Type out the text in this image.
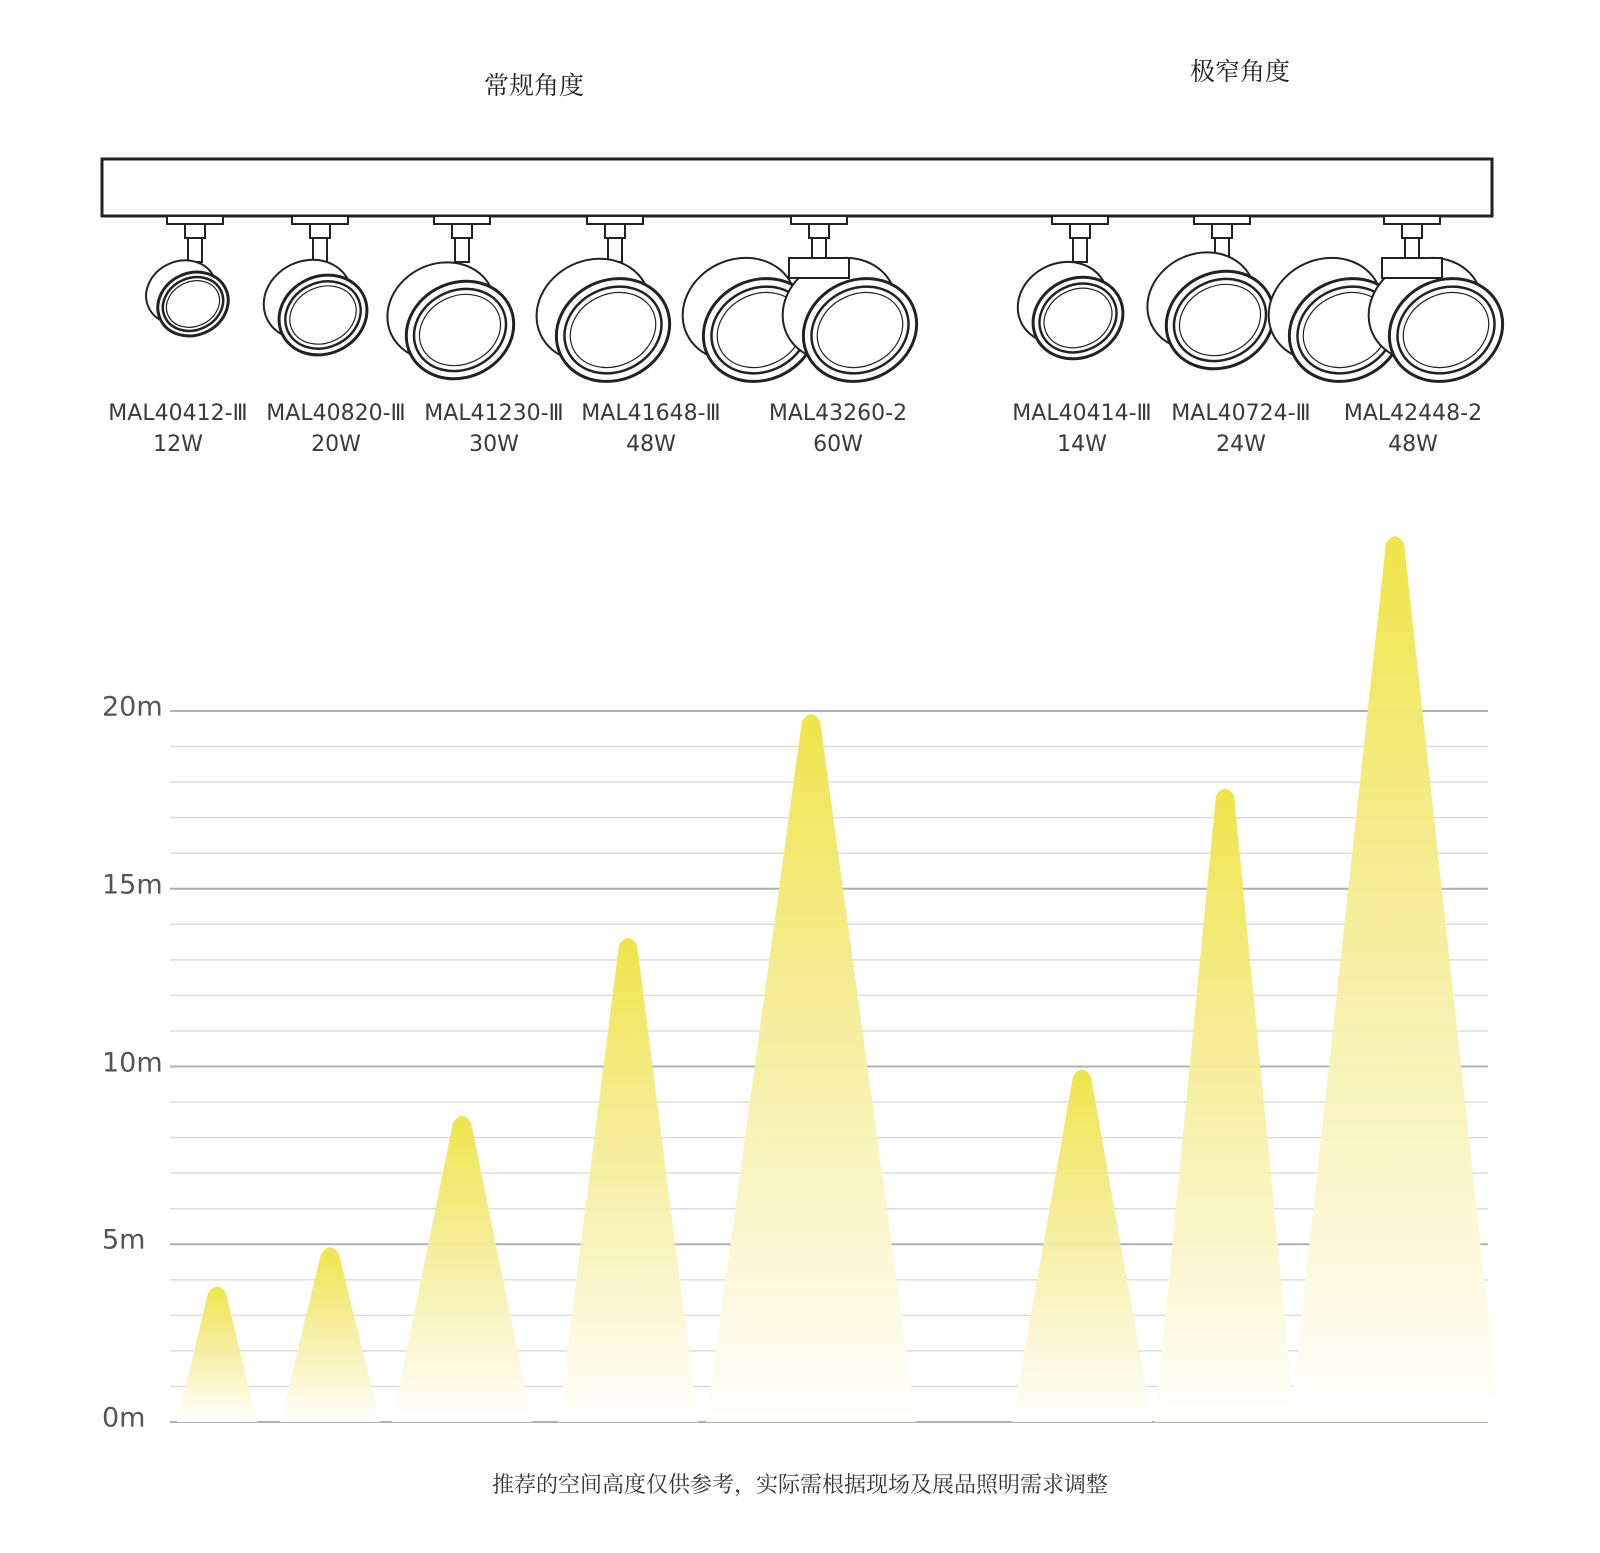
常规角度	极窄角度
0m
5m
10m
15m
20m
MAL40412-Ⅲ
12W
MAL40820-Ⅲ
20W
MAL41230-Ⅲ
30W
MAL41648-Ⅲ
48W
MAL43260-2
60W
MAL40414-Ⅲ
14W
MAL40724-Ⅲ
24W
MAL42448-2
48W
推荐的空间高度仅供参考，实际需根据现场及展品照明需求调整
